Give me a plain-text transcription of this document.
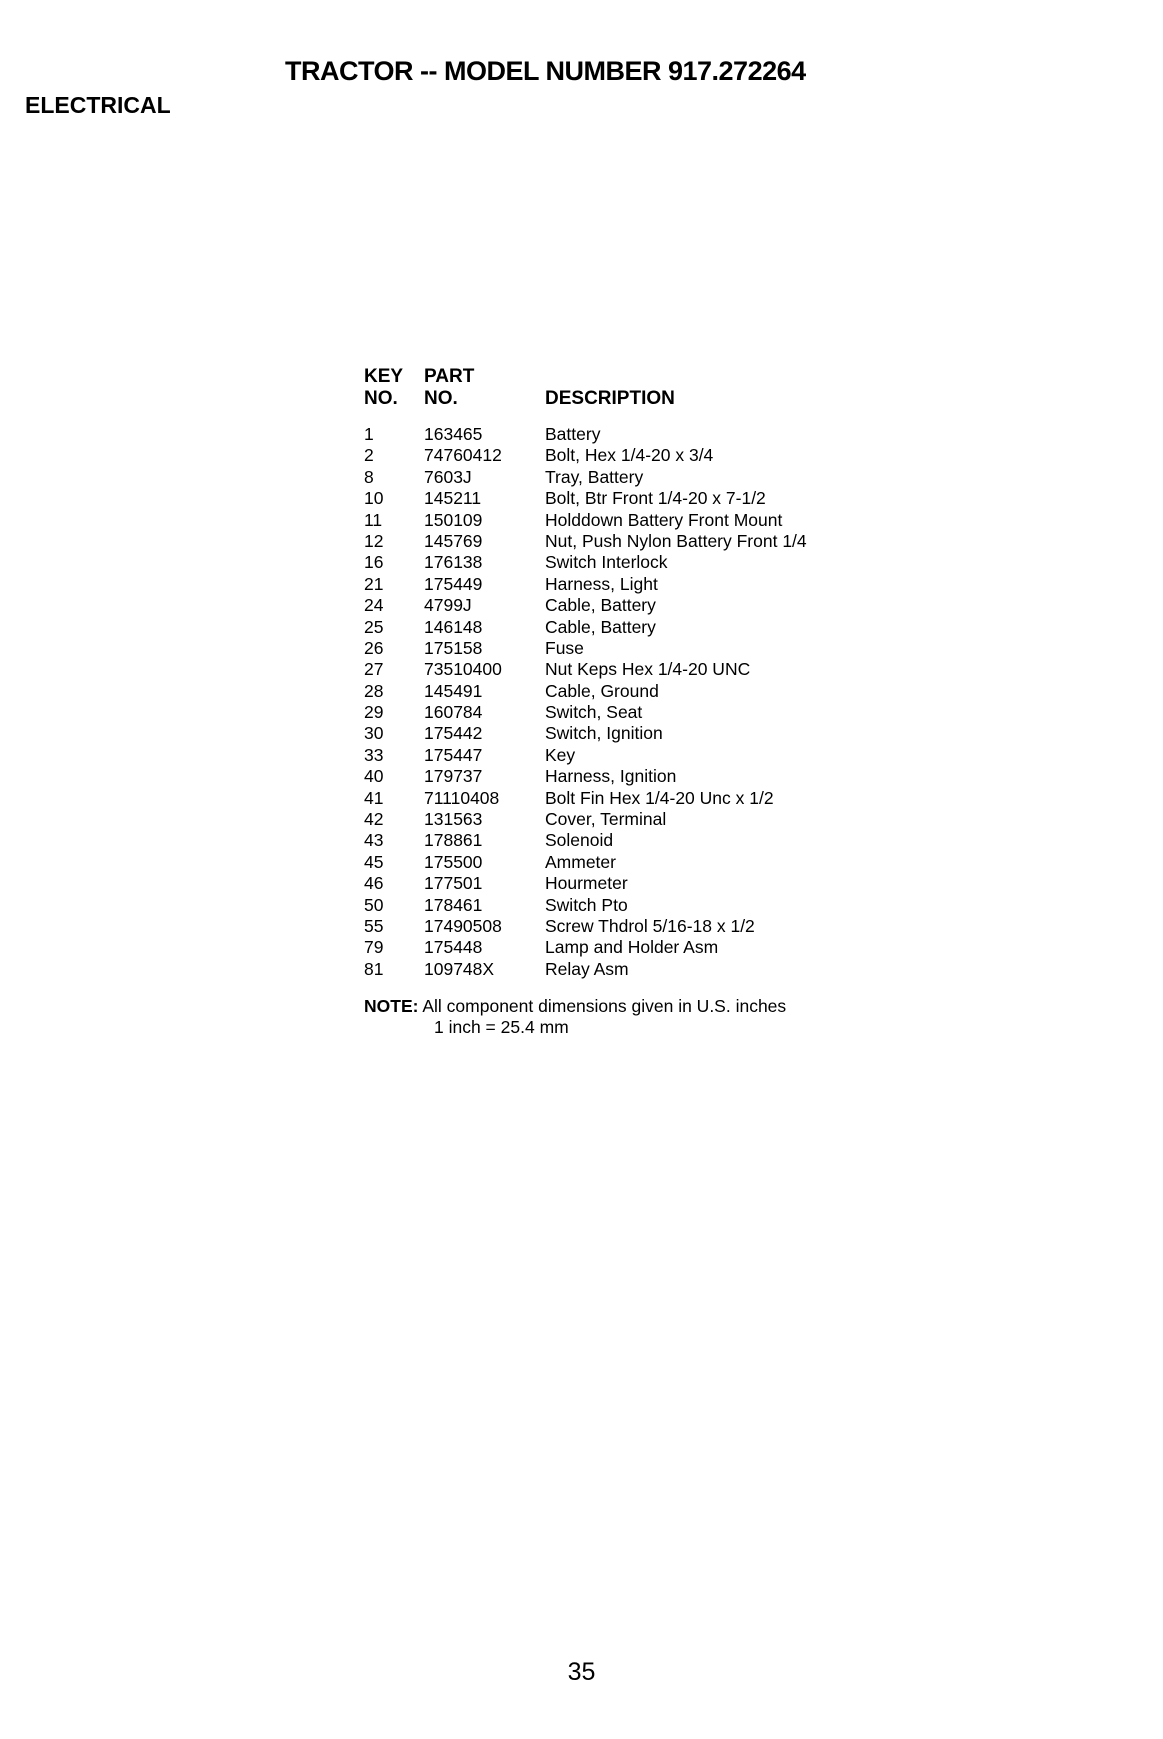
TRACTOR -- MODEL NUMBER 917.272264
ELECTRICAL
KEY PART
NO. NO.	DESCRIPTION
1	163465	Battery
2	74760412 Bolt, Hex 1/4-20 x 3/4
8	7603J	Tray, Battery
10 145211	Bolt, Btr Front 1/4-20 x 7-1/2
11 150109	Holddown Battery Front Mount
12 145769	Nut, Push Nylon Battery Front 1/4
16 176138	Switch Interlock
21 175449	Harness, Light
24 4799J	Cable, Battery
25 146148	Cable, Battery
26 175158	Fuse
27 73510400 Nut Keps Hex 1/4-20 UNC
28 145491	Cable, Ground
29 160784	Switch, Seat
30 175442	Switch, Ignition
33 175447	Key
40 179737	Harness, Ignition
41 71110408	Bolt Fin Hex 1/4-20 Unc x 1/2
42 131563	Cover, Terminal
43 178861	Solenoid
45 175500	Ammeter
46 177501	Hourmeter
50 178461	Switch Pto
55 17490508 Screw Thdrol 5/16-18 x 1/2
79 175448	Lamp and Holder Asm
81 109748X	Relay Asm
NOTE: All component dimensions given in U.S. inches
1 inch = 25.4 mm
35
